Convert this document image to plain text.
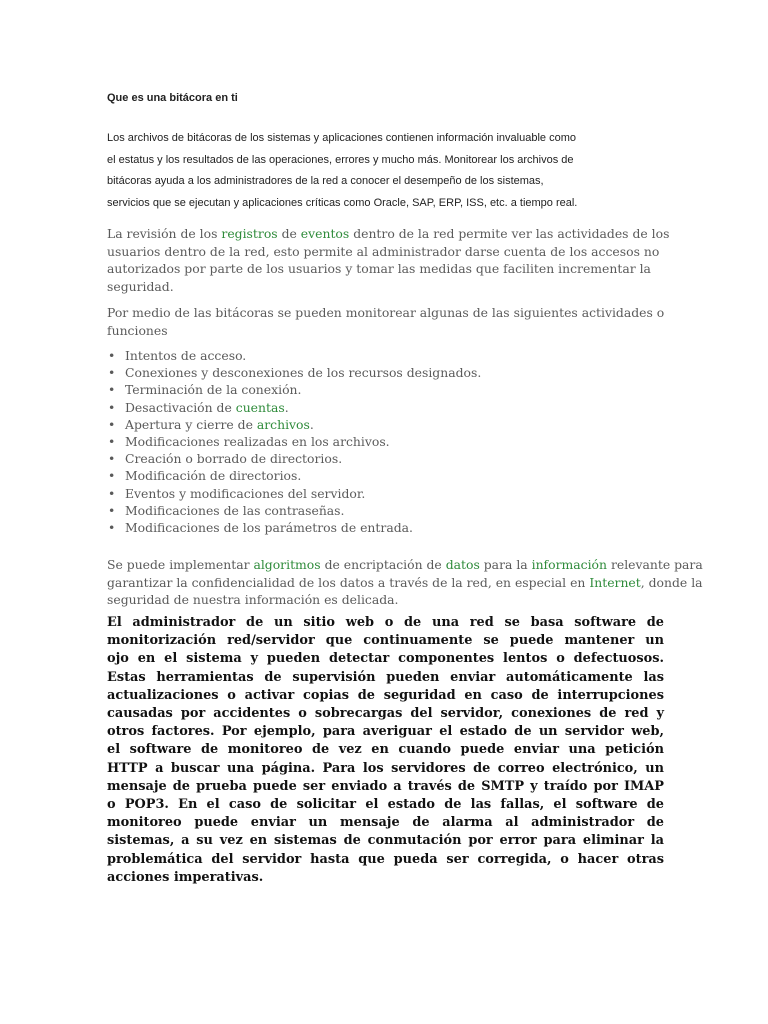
Que es una bitácora en ti
Los archivos de bitácoras de los sistemas y aplicaciones contienen información invaluable como
el estatus y los resultados de las operaciones, errores y mucho más. Monitorear los archivos de
bitácoras ayuda a los administradores de la red a conocer el desempeño de los sistemas,
servicios que se ejecutan y aplicaciones críticas como Oracle, SAP, ERP, ISS, etc. a tiempo real.
La revisión de los registros de eventos dentro de la red permite ver las actividades de los
usuarios dentro de la red, esto permite al administrador darse cuenta de los accesos no
autorizados por parte de los usuarios y tomar las medidas que faciliten incrementar la
seguridad.
Por medio de las bitácoras se pueden monitorear algunas de las siguientes actividades o
funciones
• Intentos de acceso.
• Conexiones y desconexiones de los recursos designados.
• Terminación de la conexión.
• Desactivación de cuentas.
• Apertura y cierre de archivos.
• Modificaciones realizadas en los archivos.
• Creación o borrado de directorios.
• Modificación de directorios.
• Eventos y modificaciones del servidor.
• Modificaciones de las contraseñas.
• Modificaciones de los parámetros de entrada.
Se puede implementar algoritmos de encriptación de datos para la información relevante para
garantizar la confidencialidad de los datos a través de la red, en especial en Internet, donde la
seguridad de nuestra información es delicada.
El administrador de un sitio web o de una red se basa software de
monitorización red/servidor que continuamente se puede mantener un
ojo en el sistema y pueden detectar componentes lentos o defectuosos.
Estas herramientas de supervisión pueden enviar automáticamente las
actualizaciones o activar copias de seguridad en caso de interrupciones
causadas por accidentes o sobrecargas del servidor, conexiones de red y
otros factores. Por ejemplo, para averiguar el estado de un servidor web,
el software de monitoreo de vez en cuando puede enviar una petición
HTTP a buscar una página. Para los servidores de correo electrónico, un
mensaje de prueba puede ser enviado a través de SMTP y traído por IMAP
o POP3. En el caso de solicitar el estado de las fallas, el software de
monitoreo puede enviar un mensaje de alarma al administrador de
sistemas, a su vez en sistemas de conmutación por error para eliminar la
problemática del servidor hasta que pueda ser corregida, o hacer otras
acciones imperativas.
